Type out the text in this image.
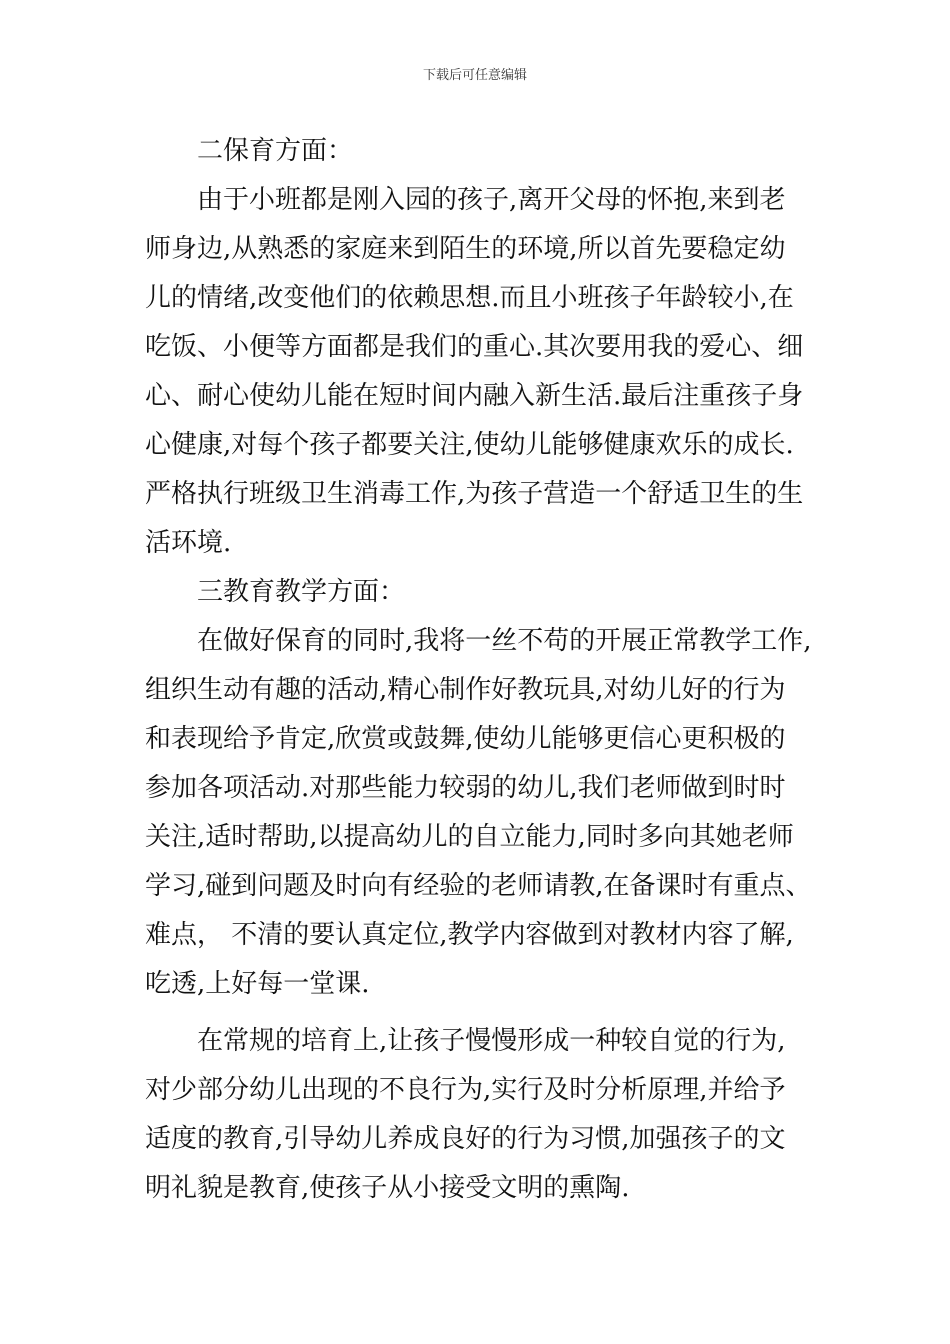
下载后可任意编辑
二保育方面：
由于小班都是刚入园的孩子,离开父母的怀抱,来到老
师身边,从熟悉的家庭来到陌生的环境,所以首先要稳定幼
儿的情绪,改变他们的依赖思想.而且小班孩子年龄较小,在
吃饭、小便等方面都是我们的重心.其次要用我的爱心、细
心、耐心使幼儿能在短时间内融入新生活.最后注重孩子身
心健康,对每个孩子都要关注,使幼儿能够健康欢乐的成长.
严格执行班级卫生消毒工作,为孩子营造一个舒适卫生的生
活环境.
三教育教学方面：
在做好保育的同时,我将一丝不苟的开展正常教学工作,
组织生动有趣的活动,精心制作好教玩具,对幼儿好的行为
和表现给予肯定,欣赏或鼓舞,使幼儿能够更信心更积极的
参加各项活动.对那些能力较弱的幼儿,我们老师做到时时
关注,适时帮助,以提高幼儿的自立能力,同时多向其她老师
学习,碰到问题及时向有经验的老师请教,在备课时有重点、
难点， 不清的要认真定位,教学内容做到对教材内容了解,
吃透,上好每一堂课.
在常规的培育上,让孩子慢慢形成一种较自觉的行为,
对少部分幼儿出现的不良行为,实行及时分析原理,并给予
适度的教育,引导幼儿养成良好的行为习惯,加强孩子的文
明礼貌是教育,使孩子从小接受文明的熏陶.
